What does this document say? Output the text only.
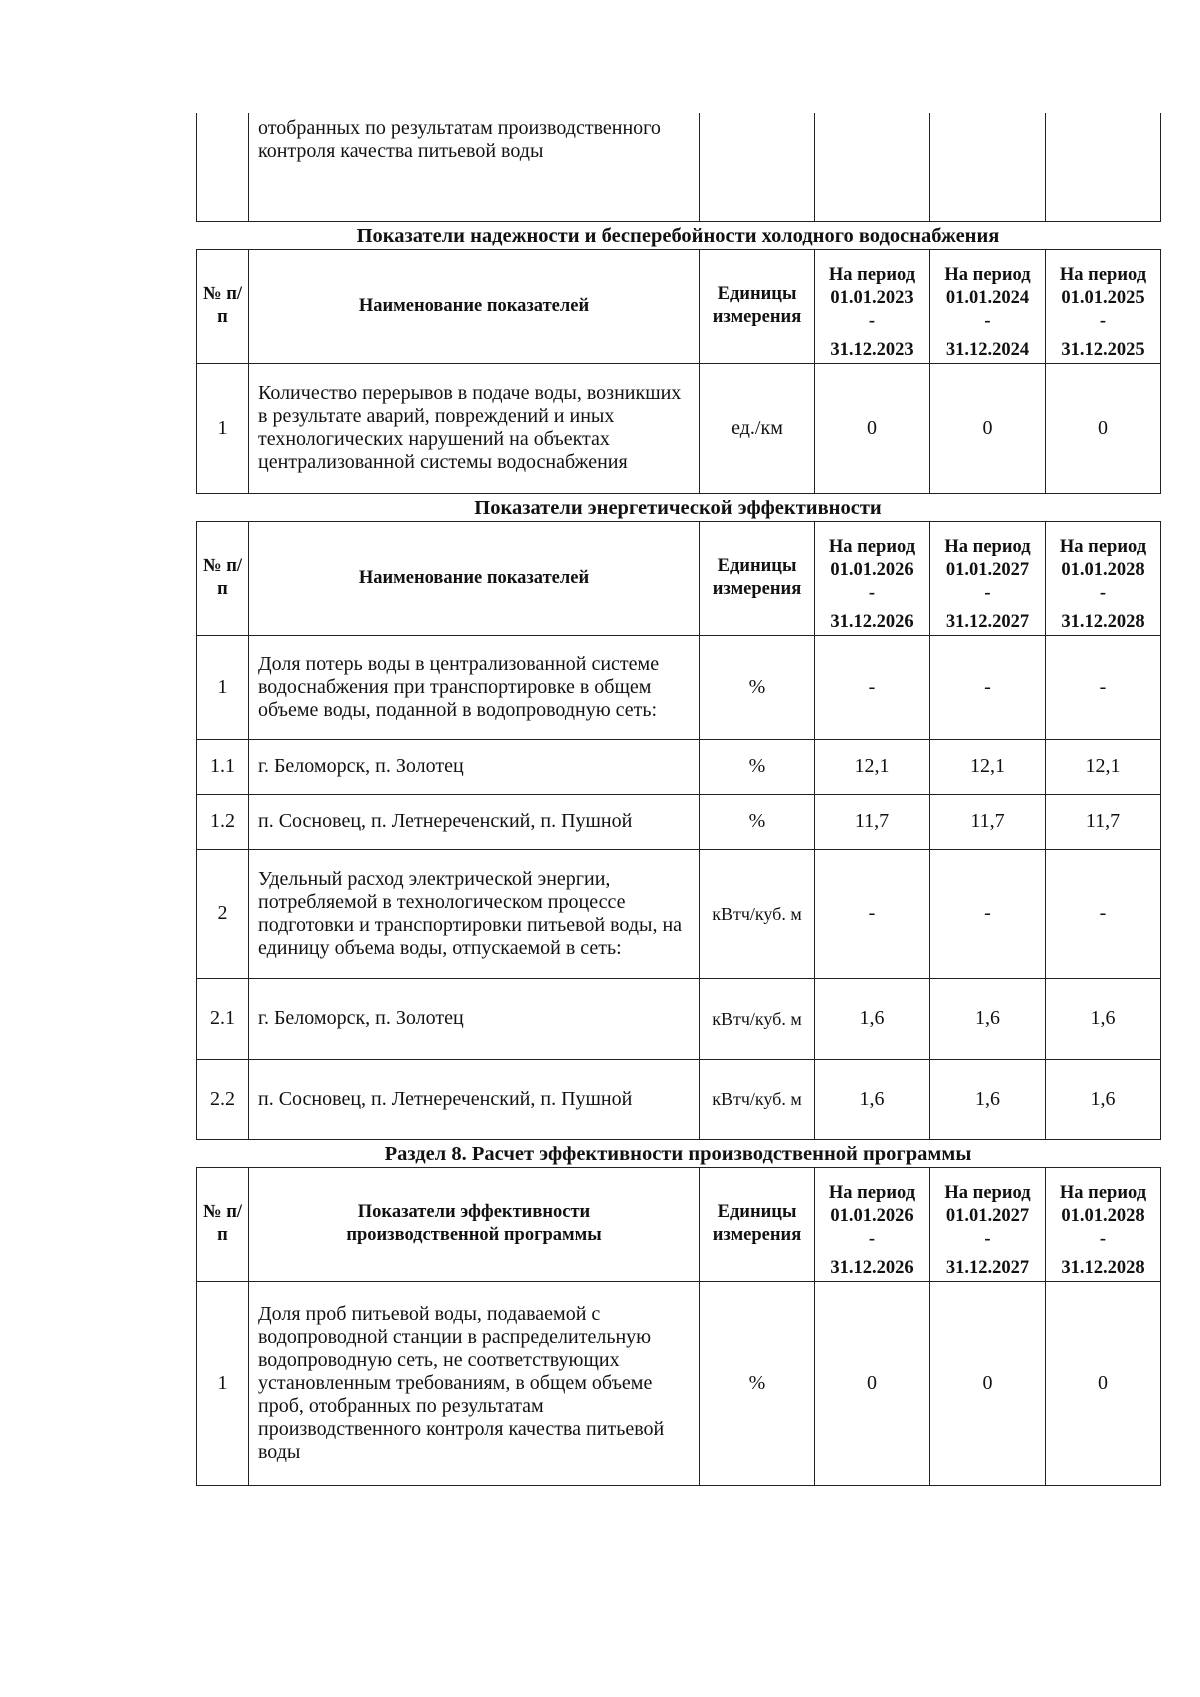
	отобранных по результатам производственного контроля качества питьевой воды				
Показатели надежности и бесперебойности холодного водоснабжения
№ п/п	Наименование показателей	Единицы измерения	На период
01.01.2023
-
31.12.2023	На период
01.01.2024
-
31.12.2024	На период
01.01.2025
-
31.12.2025

1	Количество перерывов в подаче воды, возникших в результате аварий, повреждений и иных технологических нарушений на объектах централизованной системы водоснабжения	ед./км	0	0	0
Показатели энергетической эффективности
№ п/п	Наименование показателей	Единицы измерения	На период
01.01.2026
-
31.12.2026	На период
01.01.2027
-
31.12.2027	На период
01.01.2028
-
31.12.2028

1	Доля потерь воды в централизованной системе водоснабжения при транспортировке в общем объеме воды, поданной в водопроводную сеть:	%	-	-	-
1.1	г. Беломорск, п. Золотец	%	12,1	12,1	12,1
1.2	п. Сосновец, п. Летнереченский, п. Пушной	%	11,7	11,7	11,7
2	Удельный расход электрической энергии, потребляемой в технологическом процессе подготовки и транспортировки питьевой воды, на единицу объема воды, отпускаемой в сеть:	кВтч/куб. м	-	-	-
2.1	г. Беломорск, п. Золотец	кВтч/куб. м	1,6	1,6	1,6
2.2	п. Сосновец, п. Летнереченский, п. Пушной	кВтч/куб. м	1,6	1,6	1,6
Раздел 8. Расчет эффективности производственной программы
№ п/п	Показатели эффективности производственной программы	Единицы измерения	На период
01.01.2026
-
31.12.2026	На период
01.01.2027
-
31.12.2027	На период
01.01.2028
-
31.12.2028

1	Доля проб питьевой воды, подаваемой с водопроводной станции в распределительную водопроводную сеть, не соответствующих установленным требованиям, в общем объеме проб, отобранных по результатам производственного контроля качества питьевой воды	%	0	0	0
